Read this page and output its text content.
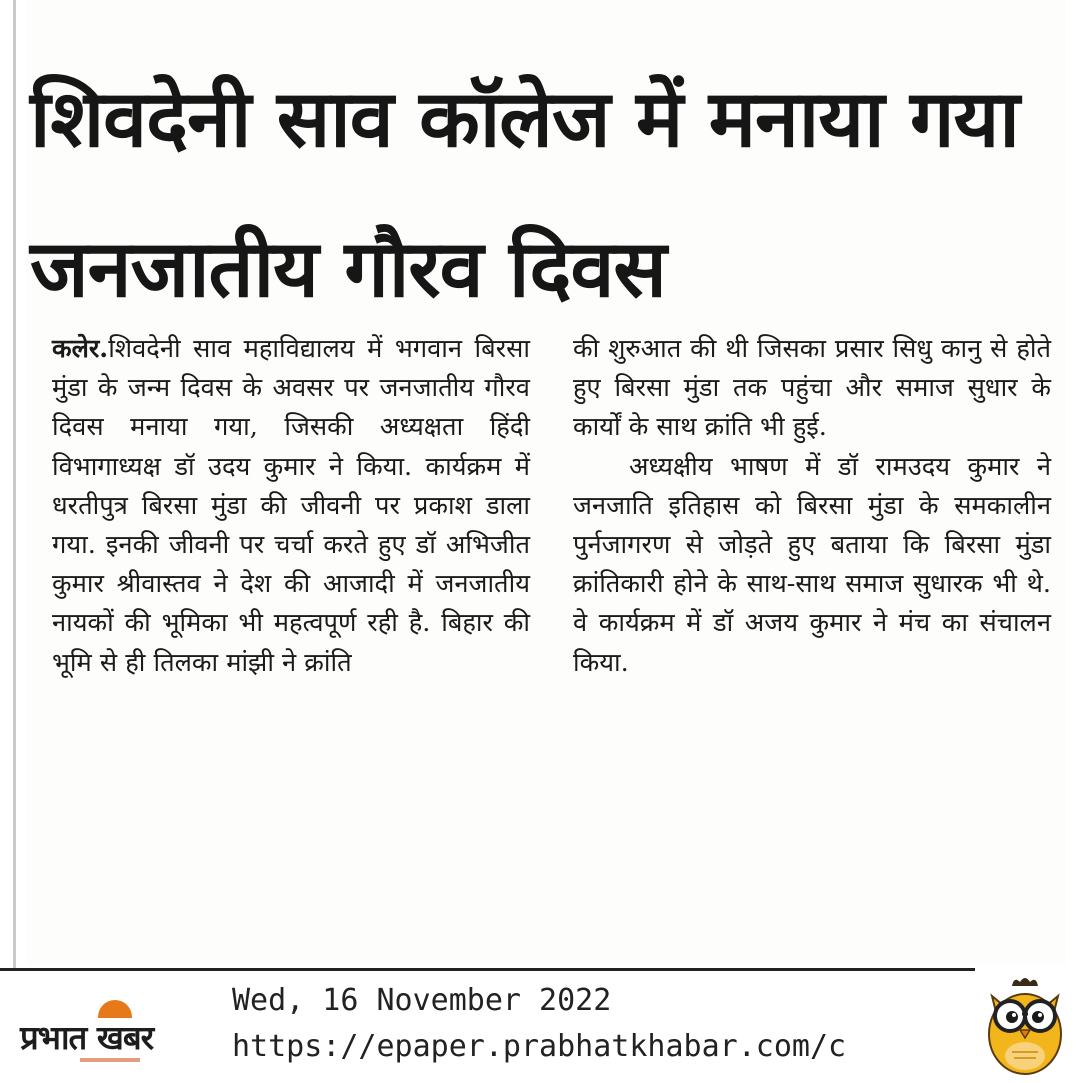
शिवदेनी साव कॉलेज में मनाया गया जनजातीय गौरव दिवस

कलेर.शिवदेनी साव महाविद्यालय में भगवान बिरसा मुंडा के जन्म दिवस के अवसर पर जनजातीय गौरव दिवस मनाया गया, जिसकी अध्यक्षता हिंदी विभागाध्यक्ष डॉ उदय कुमार ने किया. कार्यक्रम में धरतीपुत्र बिरसा मुंडा की जीवनी पर प्रकाश डाला गया. इनकी जीवनी पर चर्चा करते हुए डॉ अभिजीत कुमार श्रीवास्तव ने देश की आजादी में जनजातीय नायकों की भूमिका भी महत्वपूर्ण रही है. बिहार की भूमि से ही तिलका मांझी ने क्रांति

की शुरुआत की थी जिसका प्रसार सिधु कानु से होते हुए बिरसा मुंडा तक पहुंचा और समाज सुधार के कार्यों के साथ क्रांति भी हुई.

अध्यक्षीय भाषण में डॉ रामउदय कुमार ने जनजाति इतिहास को बिरसा मुंडा के समकालीन पुर्नजागरण से जोड़ते हुए बताया कि बिरसा मुंडा क्रांतिकारी होने के साथ-साथ समाज सुधारक भी थे. वे कार्यक्रम में डॉ अजय कुमार ने मंच का संचालन किया.

प्रभात खबर
Wed, 16 November 2022
https://epaper.prabhatkhabar.com/c
